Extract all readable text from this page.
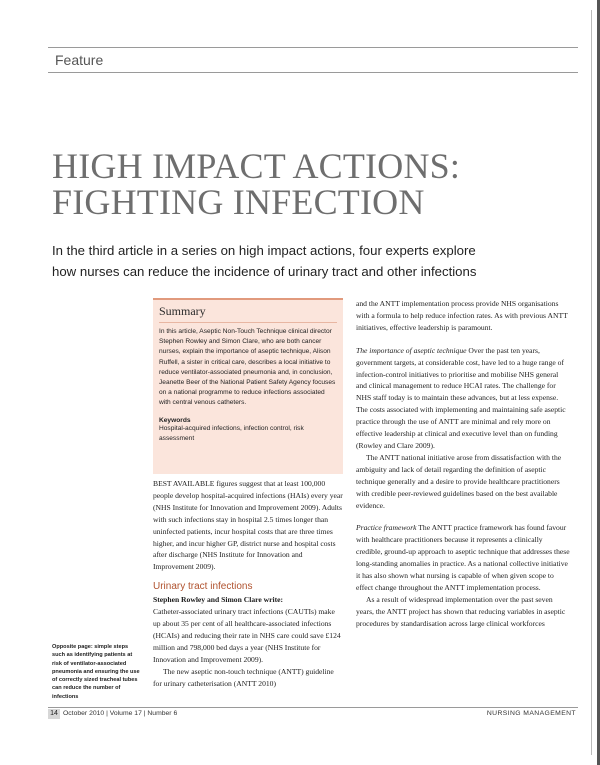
Feature
HIGH IMPACT ACTIONS:
FIGHTING INFECTION
In the third article in a series on high impact actions, four experts explore
how nurses can reduce the incidence of urinary tract and other infections
Summary

In this article, Aseptic Non-Touch Technique clinical director Stephen Rowley and Simon Clare, who are both cancer nurses, explain the importance of aseptic technique, Alison Ruffell, a sister in critical care, describes a local initiative to reduce ventilator-associated pneumonia and, in conclusion, Jeanette Beer of the National Patient Safety Agency focuses on a national programme to reduce infections associated with central venous catheters.

Keywords
Hospital-acquired infections, infection control, risk assessment

BEST AVAILABLE figures suggest that at least 100,000 people develop hospital-acquired infections (HAIs) every year (NHS Institute for Innovation and Improvement 2009). Adults with such infections stay in hospital 2.5 times longer than uninfected patients, incur hospital costs that are three times higher, and incur higher GP, district nurse and hospital costs after discharge (NHS Institute for Innovation and Improvement 2009).

Urinary tract infections

Stephen Rowley and Simon Clare write:

Catheter-associated urinary tract infections (CAUTIs) make up about 35 per cent of all healthcare-associated infections (HCAIs) and reducing their rate in NHS care could save £124 million and 798,000 bed days a year (NHS Institute for Innovation and Improvement 2009).

The new aseptic non-touch technique (ANTT) guideline for urinary catheterisation (ANTT 2010)

and the ANTT implementation process provide NHS organisations with a formula to help reduce infection rates. As with previous ANTT initiatives, effective leadership is paramount.

The importance of aseptic technique Over the past ten years, government targets, at considerable cost, have led to a huge range of infection-control initiatives to prioritise and mobilise NHS general and clinical management to reduce HCAI rates. The challenge for NHS staff today is to maintain these advances, but at less expense. The costs associated with implementing and maintaining safe aseptic practice through the use of ANTT are minimal and rely more on effective leadership at clinical and executive level than on funding (Rowley and Clare 2009).

The ANTT national initiative arose from dissatisfaction with the ambiguity and lack of detail regarding the definition of aseptic technique generally and a desire to provide healthcare practitioners with credible peer-reviewed guidelines based on the best available evidence.

Practice framework The ANTT practice framework has found favour with healthcare practitioners because it represents a clinically credible, ground-up approach to aseptic technique that addresses these long-standing anomalies in practice. As a national collective initiative it has also shown what nursing is capable of when given scope to effect change throughout the ANTT implementation process.

As a result of widespread implementation over the past seven years, the ANTT project has shown that reducing variables in aseptic procedures by standardisation across large clinical workforces

Opposite page: simple steps such as identifying patients at risk of ventilator-associated pneumonia and ensuring the use of correctly sized tracheal tubes can reduce the number of infections
14 October 2010 | Volume 17 | Number 6	NURSING MANAGEMENT
